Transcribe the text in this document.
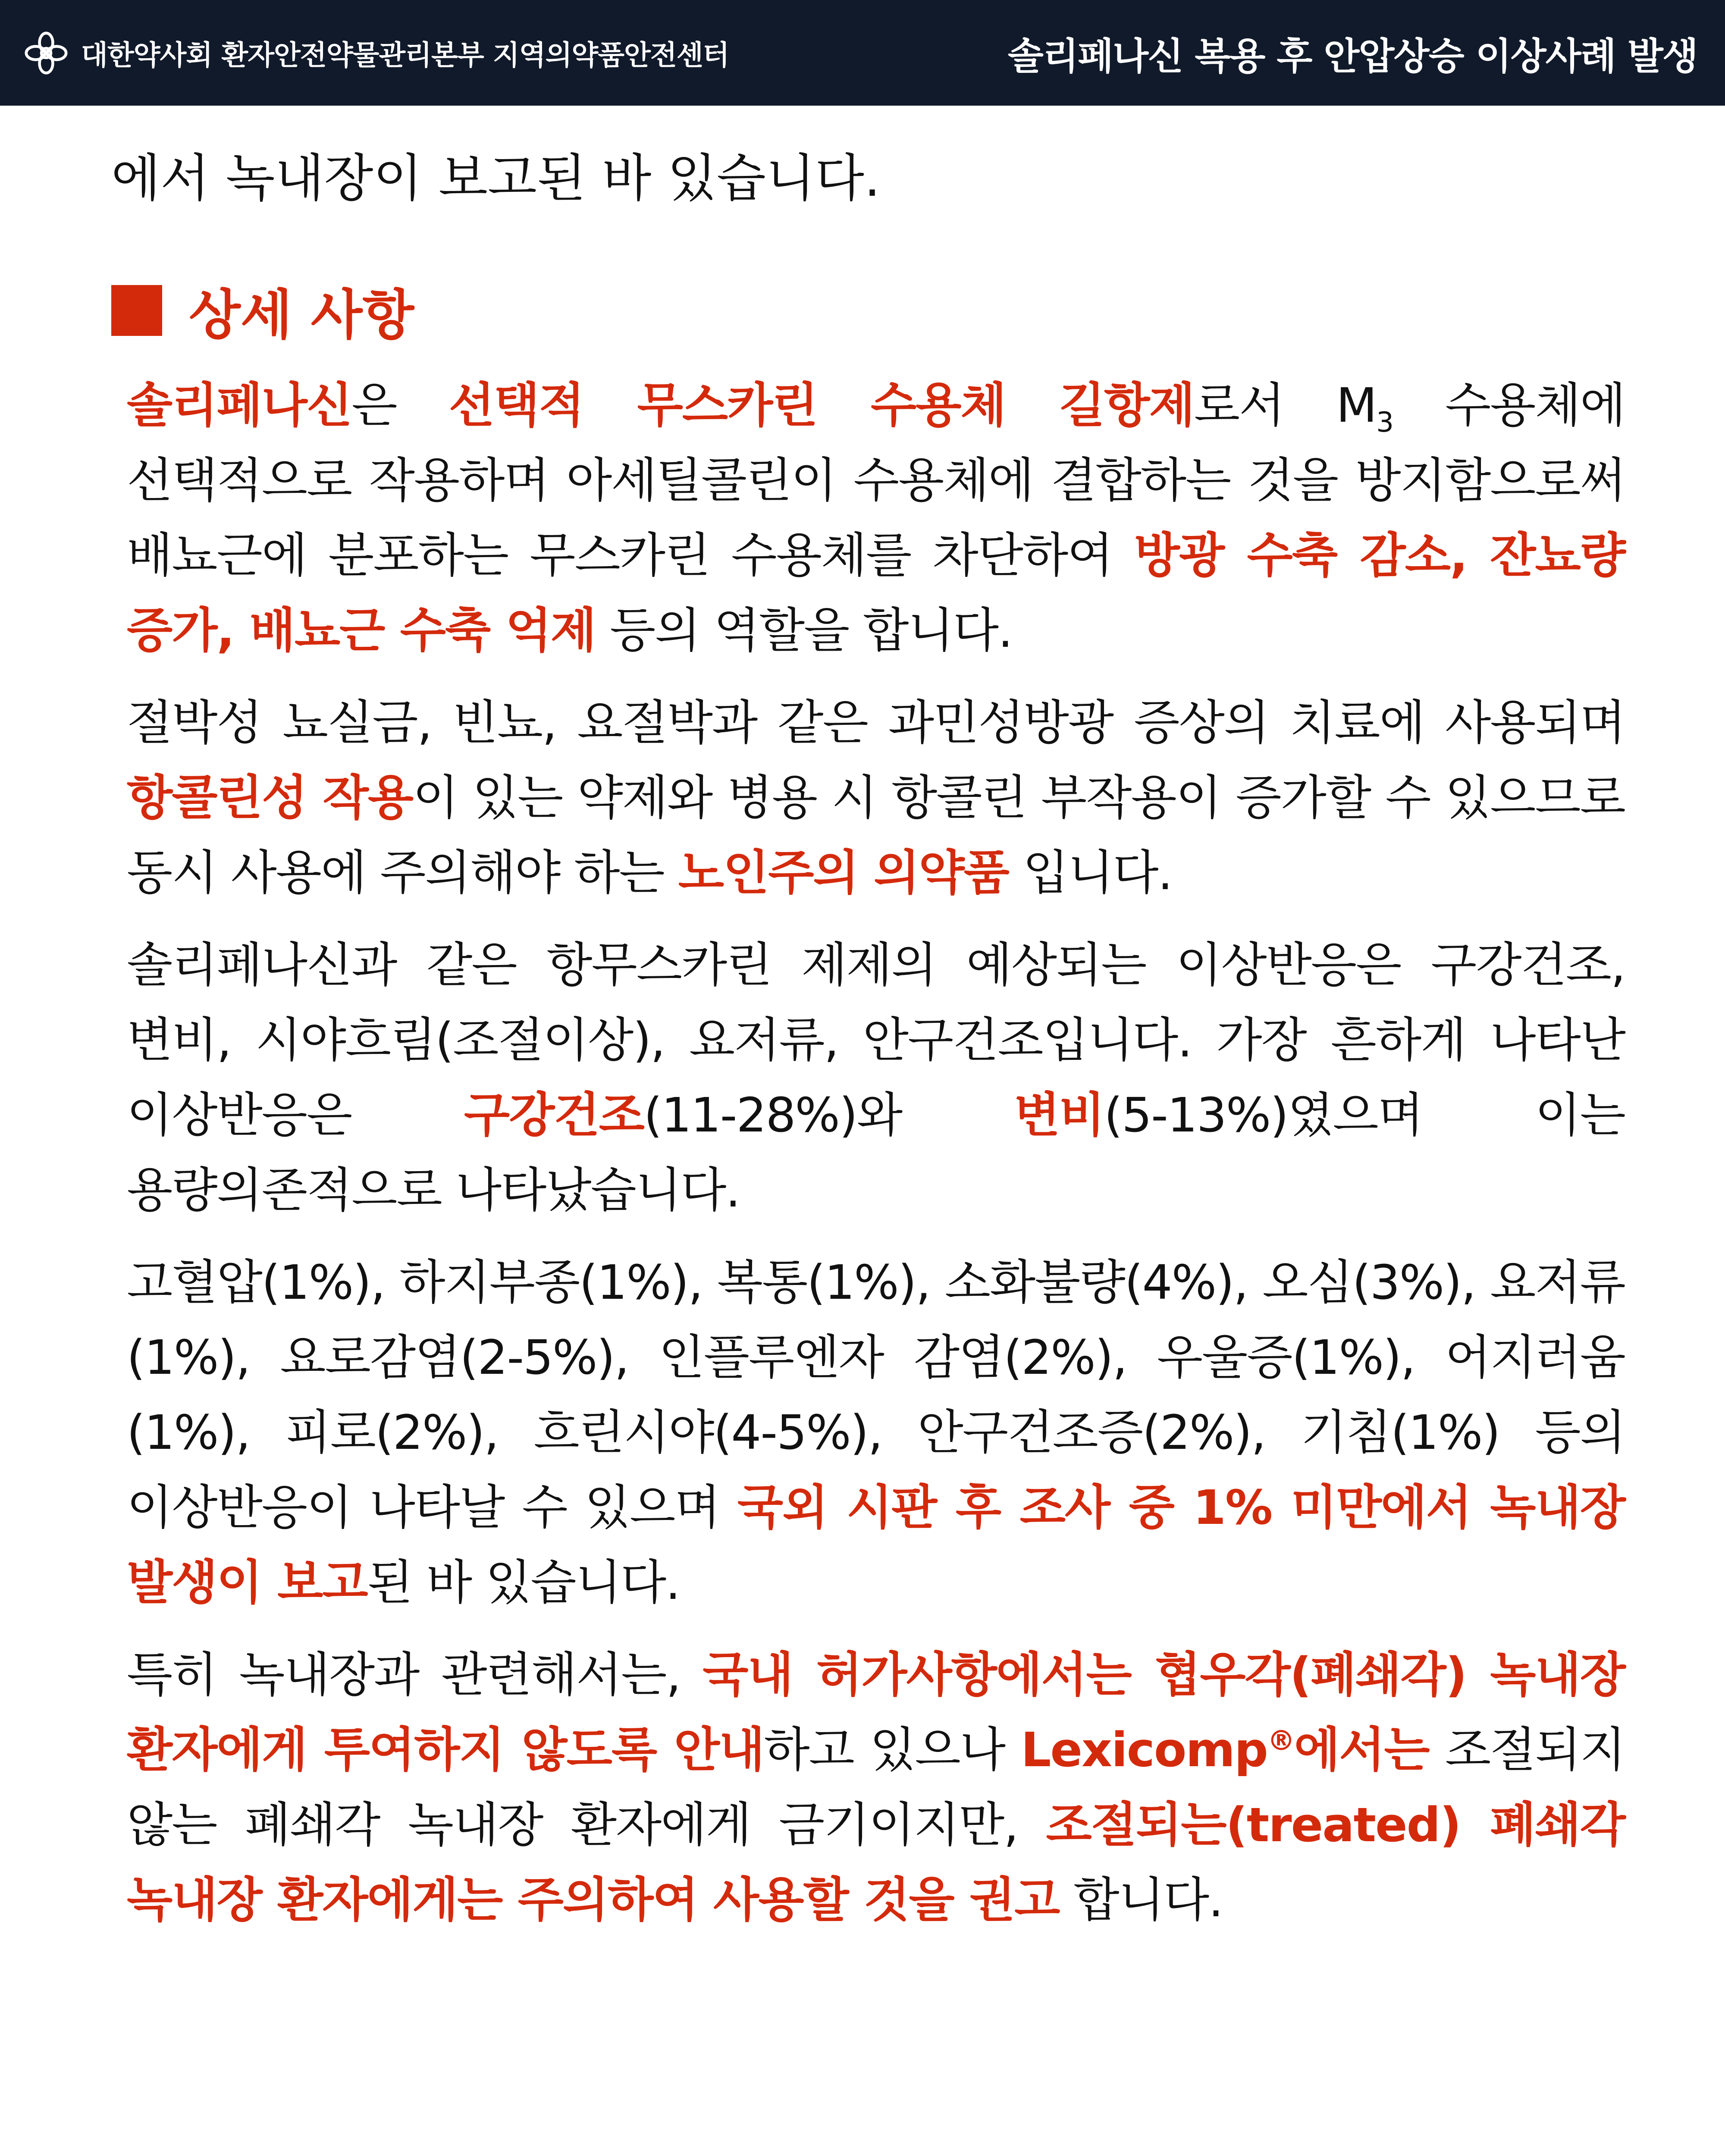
대한약사회 환자안전약물관리본부 지역의약품안전센터	솔리페나신 복용 후 안압상승 이상사례 발생

에서 녹내장이 보고된 바 있습니다.

상세 사항

솔리페나신은 선택적 무스카린 수용체 길항제로서 $M_3$ 수용체에 선택적으로 작용하며 아세틸콜린이 수용체에 결합하는 것을 방지함으로써 배뇨근에 분포하는 무스카린 수용체를 차단하여 방광 수축 감소, 잔뇨량 증가, 배뇨근 수축 억제 등의 역할을 합니다.

절박성 뇨실금, 빈뇨, 요절박과 같은 과민성방광 증상의 치료에 사용되며 항콜린성 작용이 있는 약제와 병용 시 항콜린 부작용이 증가할 수 있으므로 동시 사용에 주의해야 하는 노인주의 의약품 입니다.

솔리페나신과 같은 항무스카린 제제의 예상되는 이상반응은 구강건조, 변비, 시야흐림(조절이상), 요저류, 안구건조입니다. 가장 흔하게 나타난 이상반응은 구강건조(11-28%)와 변비(5-13%)였으며 이는 용량의존적으로 나타났습니다.

고혈압(1%), 하지부종(1%), 복통(1%), 소화불량(4%), 오심(3%), 요저류(1%), 요로감염(2-5%), 인플루엔자 감염(2%), 우울증(1%), 어지러움(1%), 피로(2%), 흐린시야(4-5%), 안구건조증(2%), 기침(1%) 등의 이상반응이 나타날 수 있으며 국외 시판 후 조사 중 1% 미만에서 녹내장 발생이 보고된 바 있습니다.

특히 녹내장과 관련해서는, 국내 허가사항에서는 협우각(폐쇄각) 녹내장 환자에게 투여하지 않도록 안내하고 있으나 Lexicomp®에서는 조절되지 않는 폐쇄각 녹내장 환자에게 금기이지만, 조절되는(treated) 폐쇄각 녹내장 환자에게는 주의하여 사용할 것을 권고 합니다.
